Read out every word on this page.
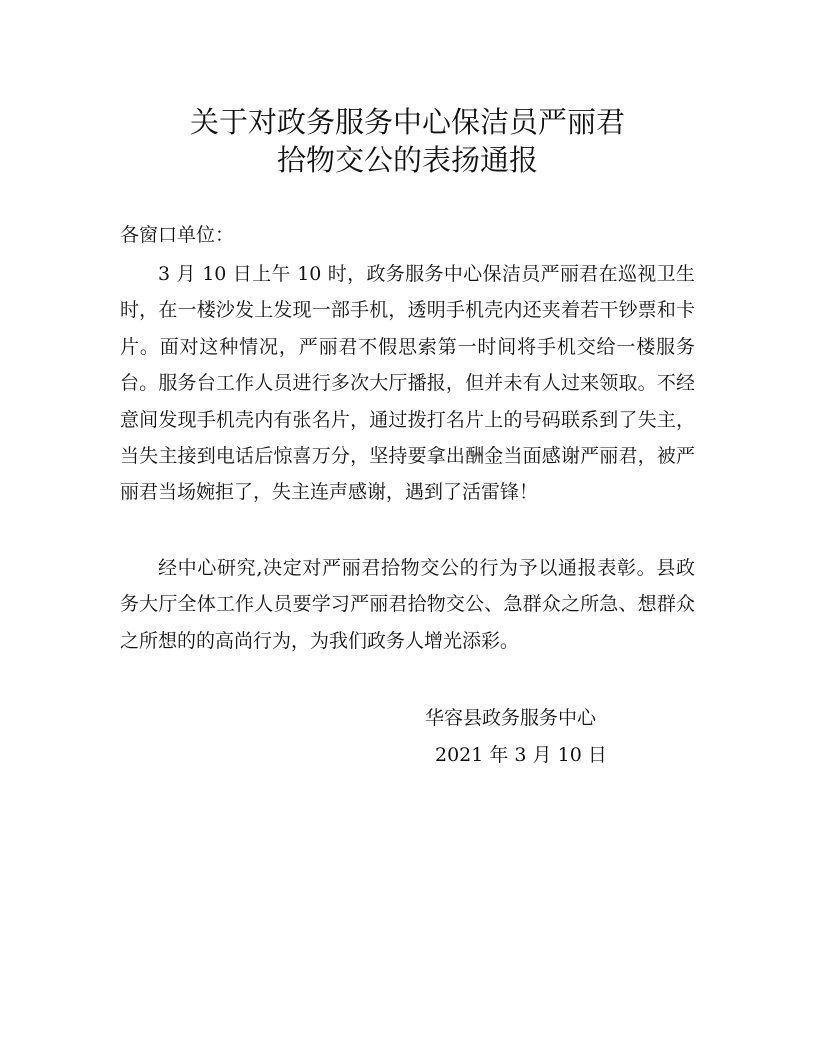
关于对政务服务中心保洁员严丽君
拾物交公的表扬通报
各窗口单位：
3 月 10 日上午 10 时，政务服务中心保洁员严丽君在巡视卫生时，在一楼沙发上发现一部手机，透明手机壳内还夹着若干钞票和卡片。面对这种情况，严丽君不假思索第一时间将手机交给一楼服务台。服务台工作人员进行多次大厅播报，但并未有人过来领取。不经意间发现手机壳内有张名片，通过拨打名片上的号码联系到了失主，当失主接到电话后惊喜万分，坚持要拿出酬金当面感谢严丽君，被严丽君当场婉拒了，失主连声感谢，遇到了活雷锋！
经中心研究,决定对严丽君拾物交公的行为予以通报表彰。县政务大厅全体工作人员要学习严丽君拾物交公、急群众之所急、想群众之所想的的高尚行为，为我们政务人增光添彩。
华容县政务服务中心
2021 年 3 月 10 日
